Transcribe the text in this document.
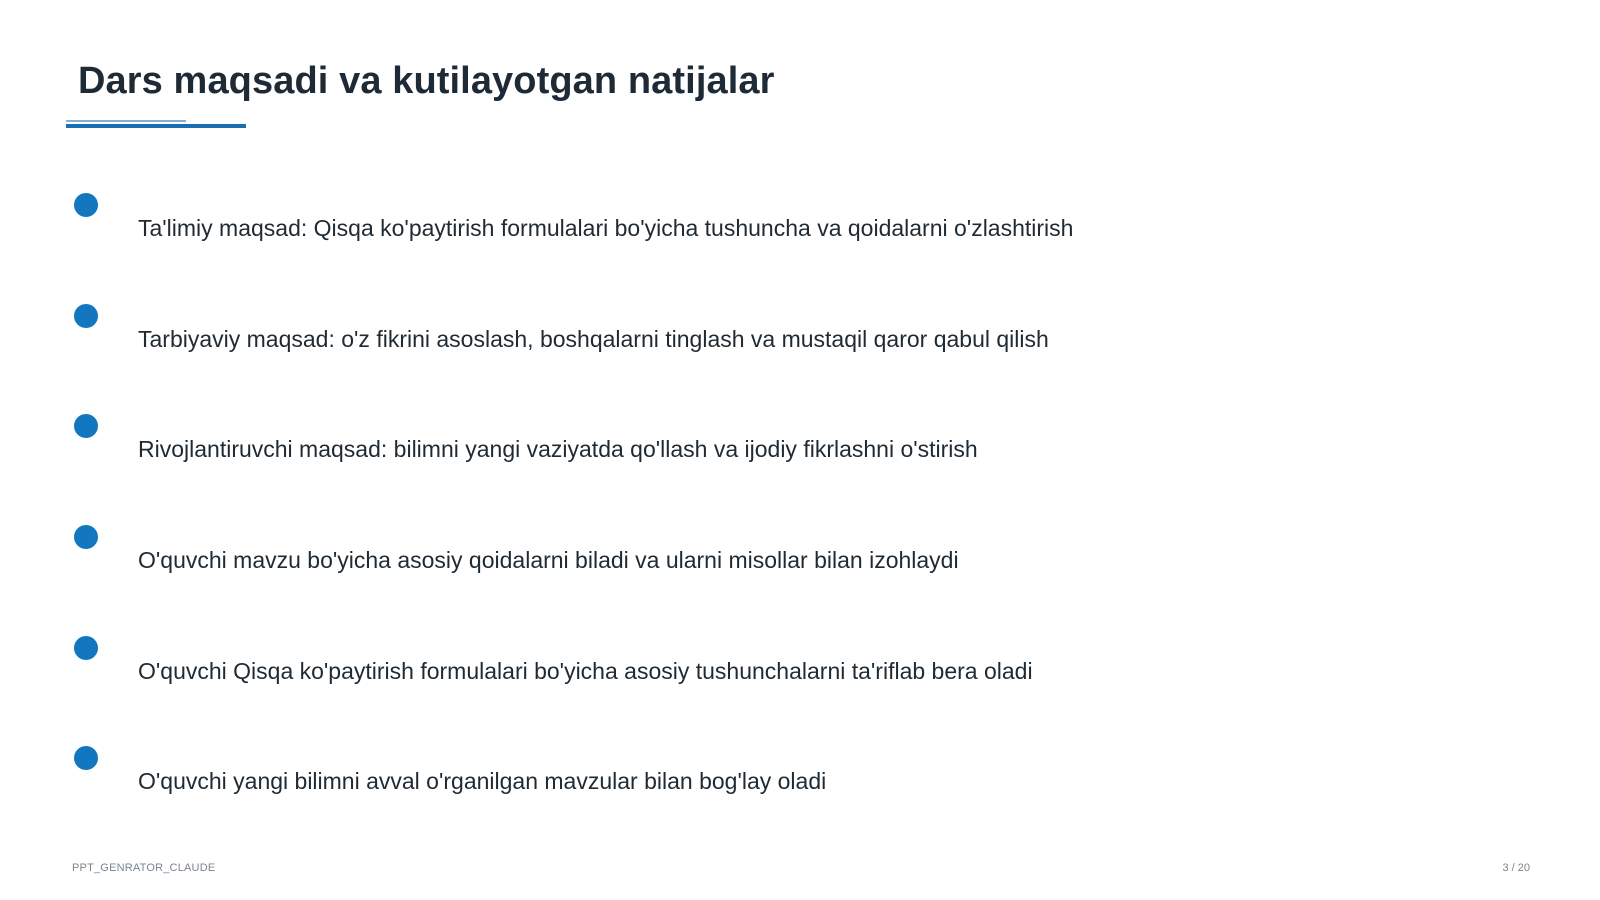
Dars maqsadi va kutilayotgan natijalar
Ta'limiy maqsad: Qisqa ko'paytirish formulalari bo'yicha tushuncha va qoidalarni o'zlashtirish
Tarbiyaviy maqsad: o'z fikrini asoslash, boshqalarni tinglash va mustaqil qaror qabul qilish
Rivojlantiruvchi maqsad: bilimni yangi vaziyatda qo'llash va ijodiy fikrlashni o'stirish
O'quvchi mavzu bo'yicha asosiy qoidalarni biladi va ularni misollar bilan izohlaydi
O'quvchi Qisqa ko'paytirish formulalari bo'yicha asosiy tushunchalarni ta'riflab bera oladi
O'quvchi yangi bilimni avval o'rganilgan mavzular bilan bog'lay oladi
PPT_GENRATOR_CLAUDE	3 / 20
